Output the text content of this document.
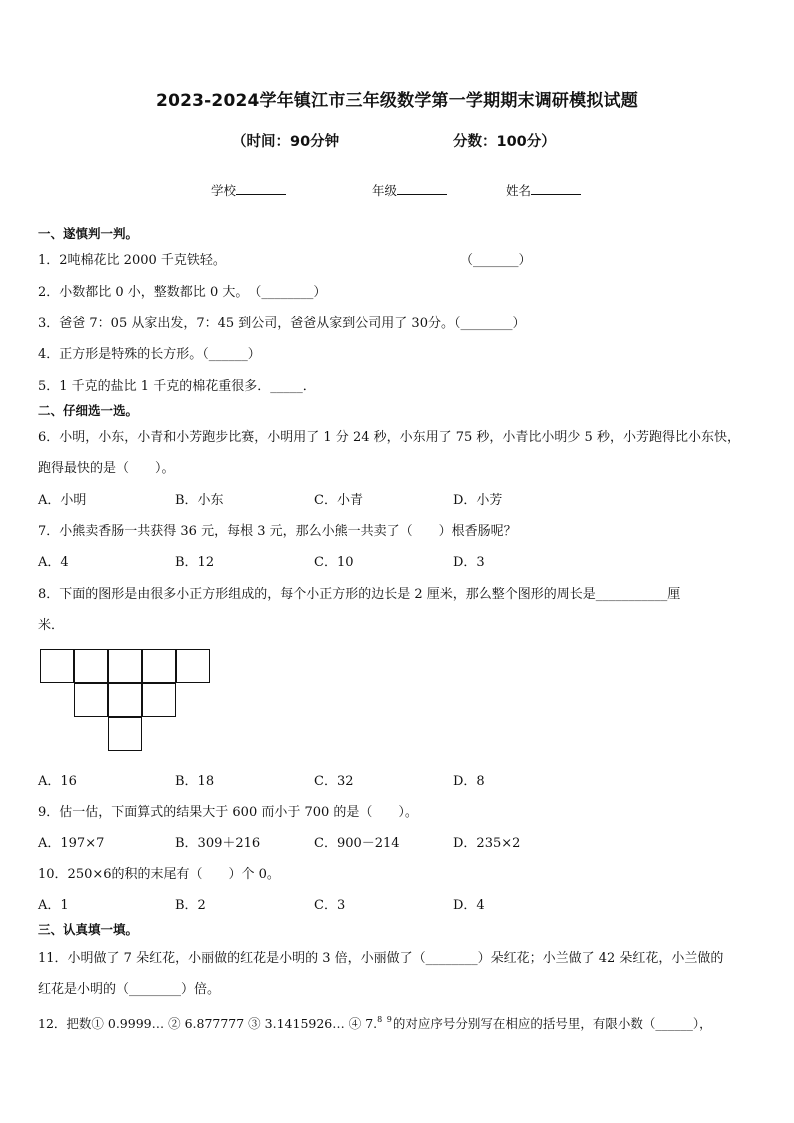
2023-2024学年镇江市三年级数学第一学期期末调研模拟试题
（时间：90分钟	分数：100分）
学校	年级	姓名
一、遂慎判一判。
1．2吨棉花比 2000 千克铁轻。	（_______）
2．小数都比 0 小，整数都比 0 大。　（________）
3．爸爸 7：05 从家出发，7：45 到公司，爸爸从家到公司用了 30分。（________）
4．正方形是特殊的长方形。（______）
5．1 千克的盐比 1 千克的棉花重很多．_____．
二、仔细选一选。
6．小明，小东，小青和小芳跑步比赛，小明用了 1 分 24 秒，小东用了 75 秒，小青比小明少 5 秒，小芳跑得比小东快，
跑得最快的是（　　）。
A．小明	B．小东	C．小青	D．小芳
7．小熊卖香肠一共获得 36 元，每根 3 元，那么小熊一共卖了（　　）根香肠呢？
A．4	B．12	C．10	D．3
8．下面的图形是由很多小正方形组成的，每个小正方形的边长是 2 厘米，那么整个图形的周长是___________厘
米．
A．16	B．18	C．32	D．8
9．估一估，下面算式的结果大于 600 而小于 700 的是（　　）。
A．197×7	B．309＋216	C．900－214	D．235×2
10．250×6的积的末尾有（　　）个 0。
A．1	B．2	C．3	D．4
三、认真填一填。
11．小明做了 7 朵红花，小丽做的红花是小明的 3 倍，小丽做了（________）朵红花；小兰做了 42 朵红花，小兰做的
红花是小明的（________）倍。
12．把数① 0.9999… ② 6.877777 ③ 3.1415926… ④ 7.$^{8 9}$的对应序号分别写在相应的括号里，有限小数（______），
